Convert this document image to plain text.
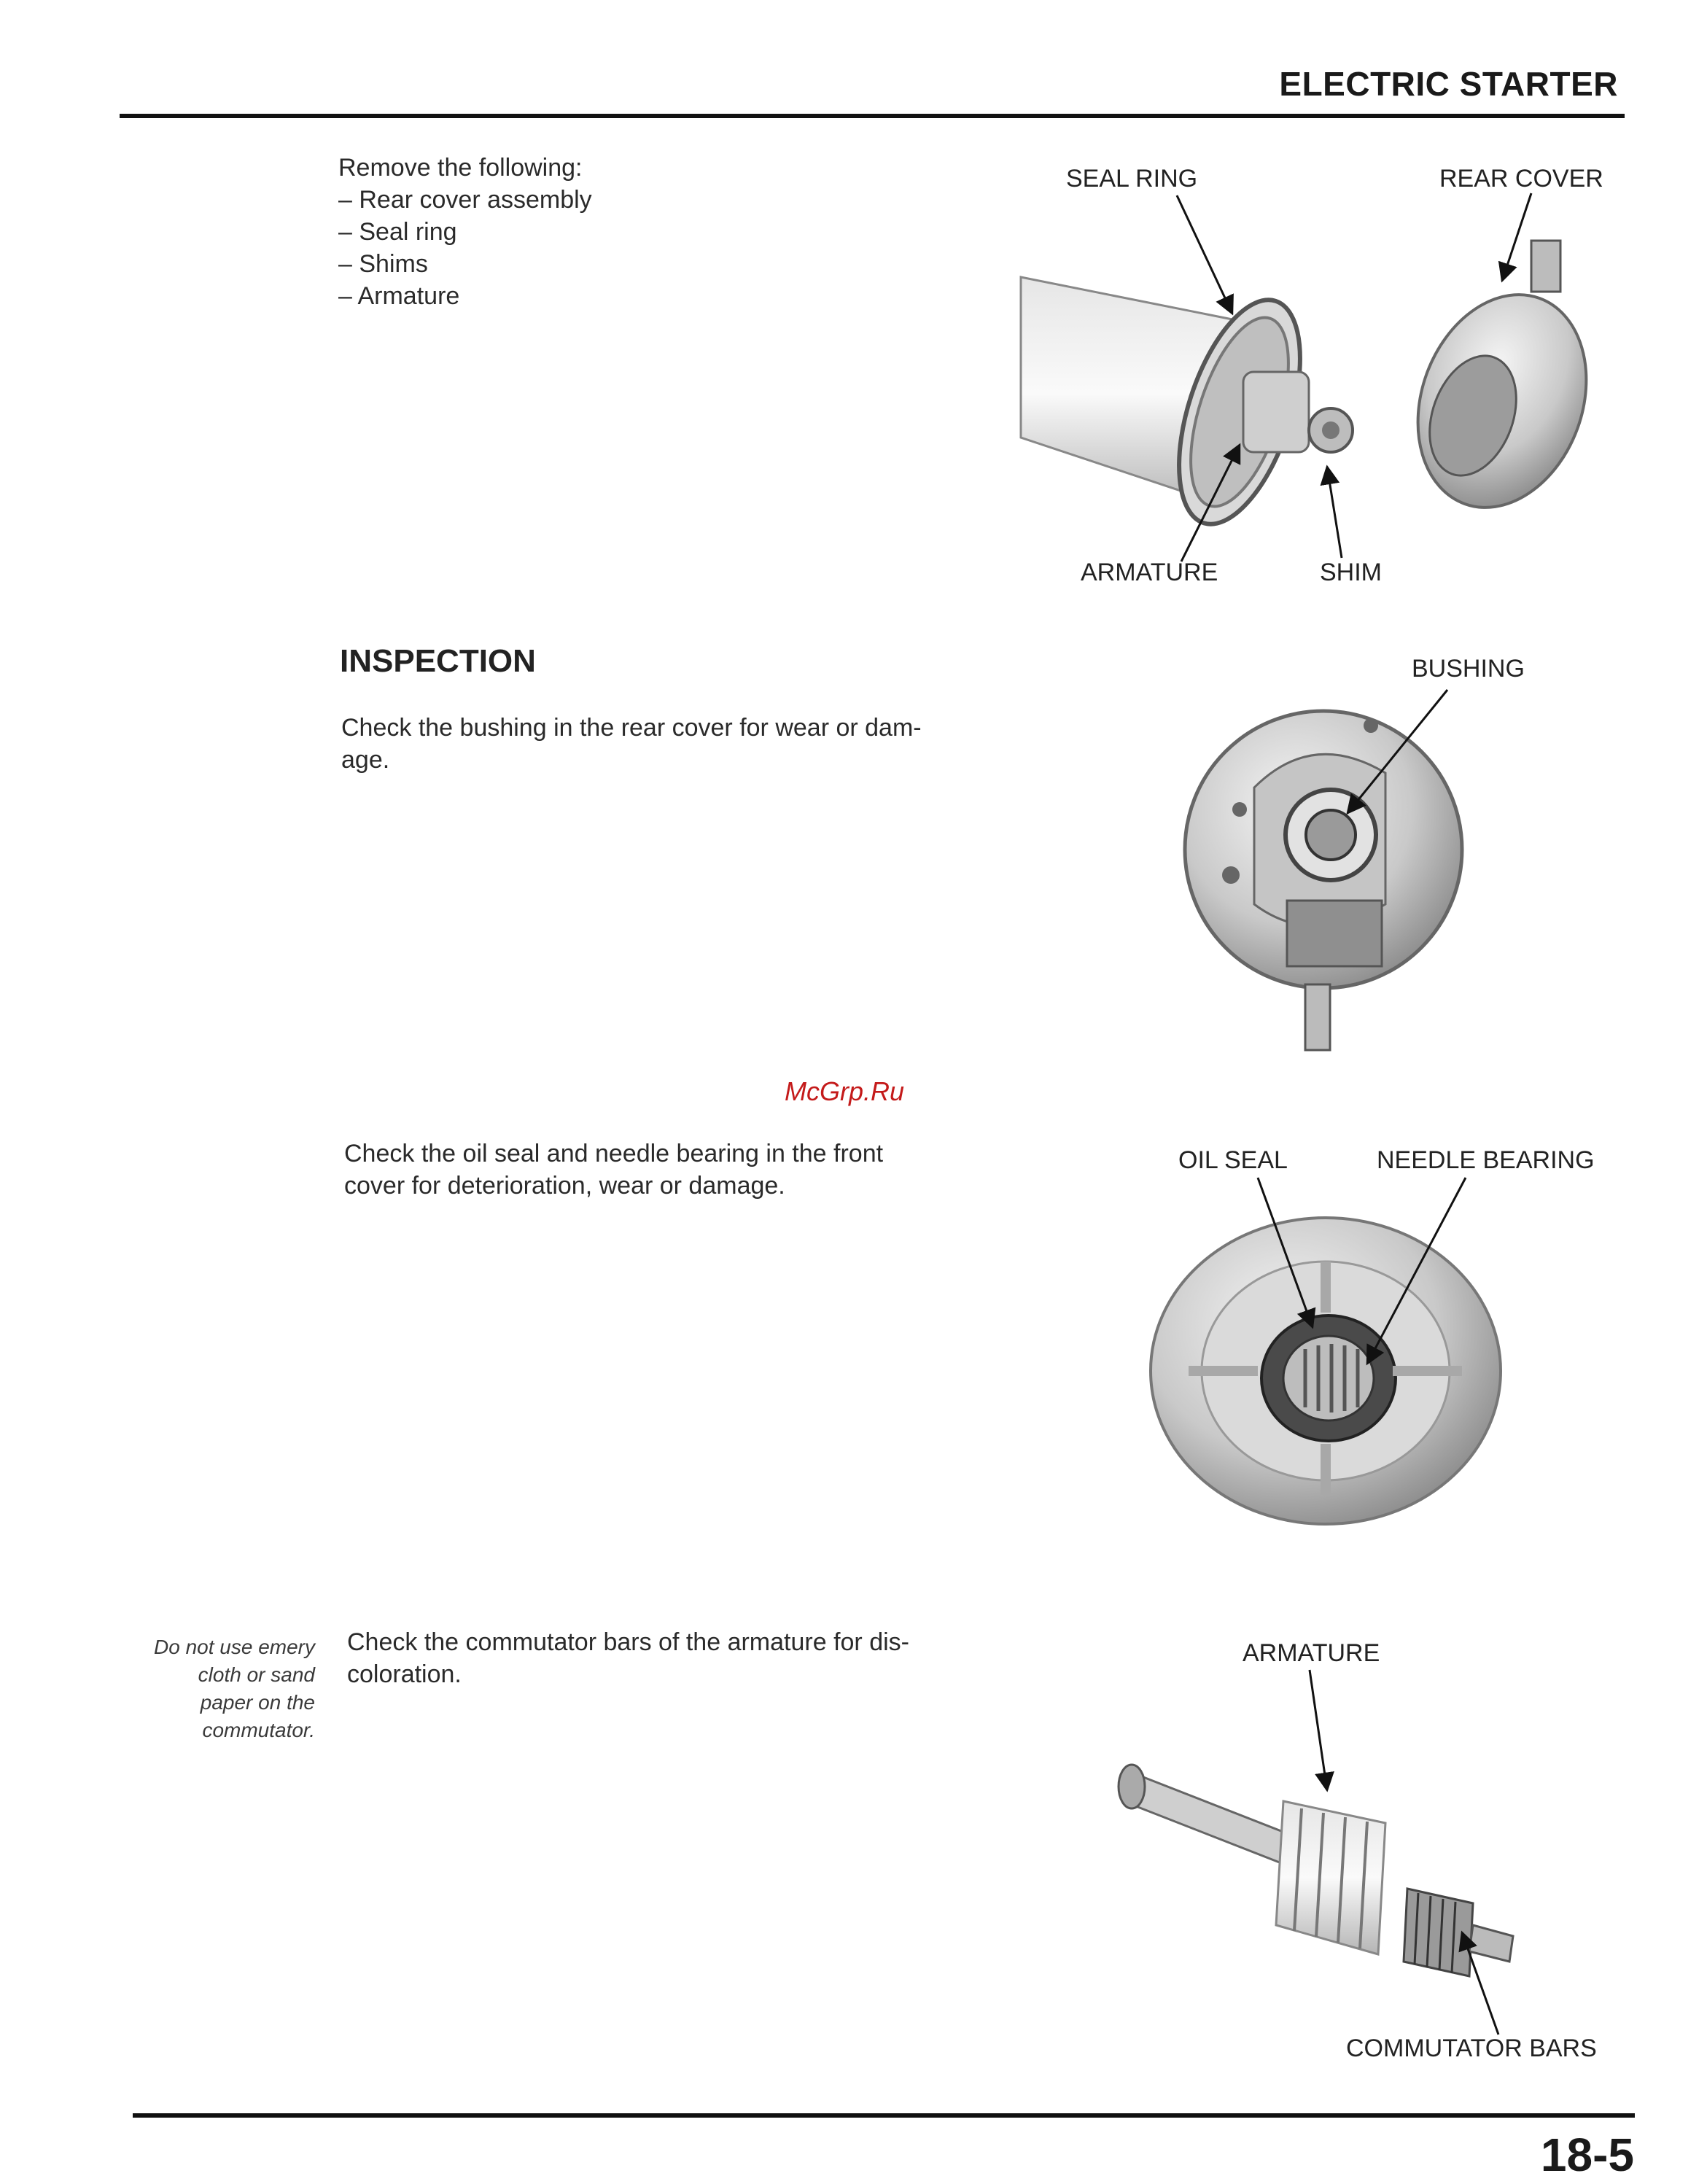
ELECTRIC STARTER
Remove the following:
– Rear cover assembly
– Seal ring
– Shims
– Armature
INSPECTION
Check the bushing in the rear cover for wear or dam-
age.
McGrp.Ru
Check the oil seal and needle bearing in the front
cover for deterioration, wear or damage.
Do not use emery
cloth or sand
paper on the
commutator.
Check the commutator bars of the armature for dis-
coloration.
SEAL RING	REAR COVER
ARMATURE	SHIM
BUSHING
OIL SEAL	NEEDLE BEARING
ARMATURE
COMMUTATOR BARS
18-5
